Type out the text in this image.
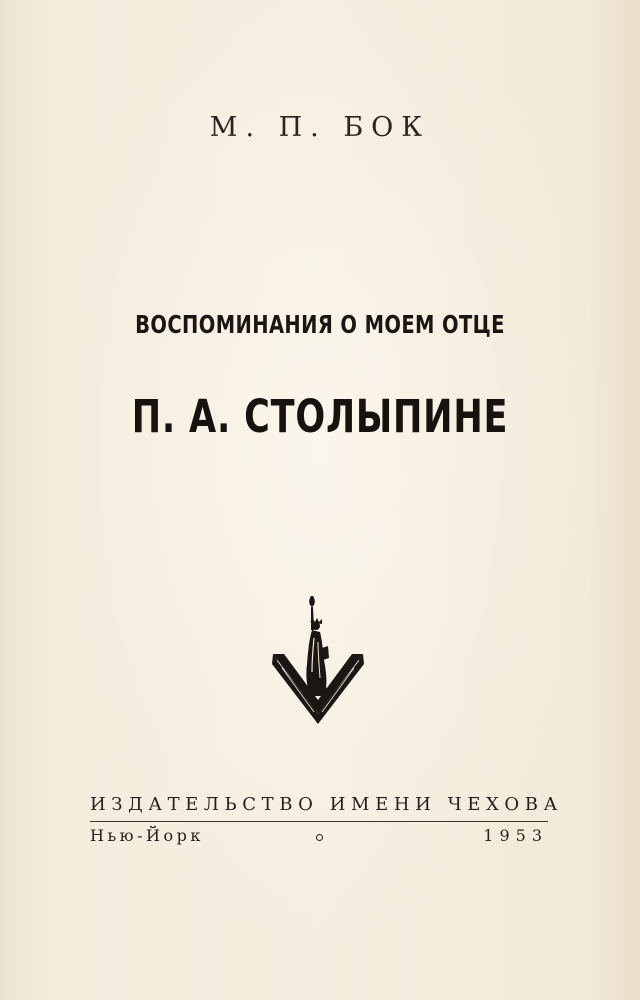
М. П. БОК
ВОСПОМИНАНИЯ О МОЕМ ОТЦЕ
П. А. СТОЛЫПИНЕ
ИЗДАТЕЛЬСТВО ИМЕНИ ЧЕХОВА
Нью-Йорк	1953
